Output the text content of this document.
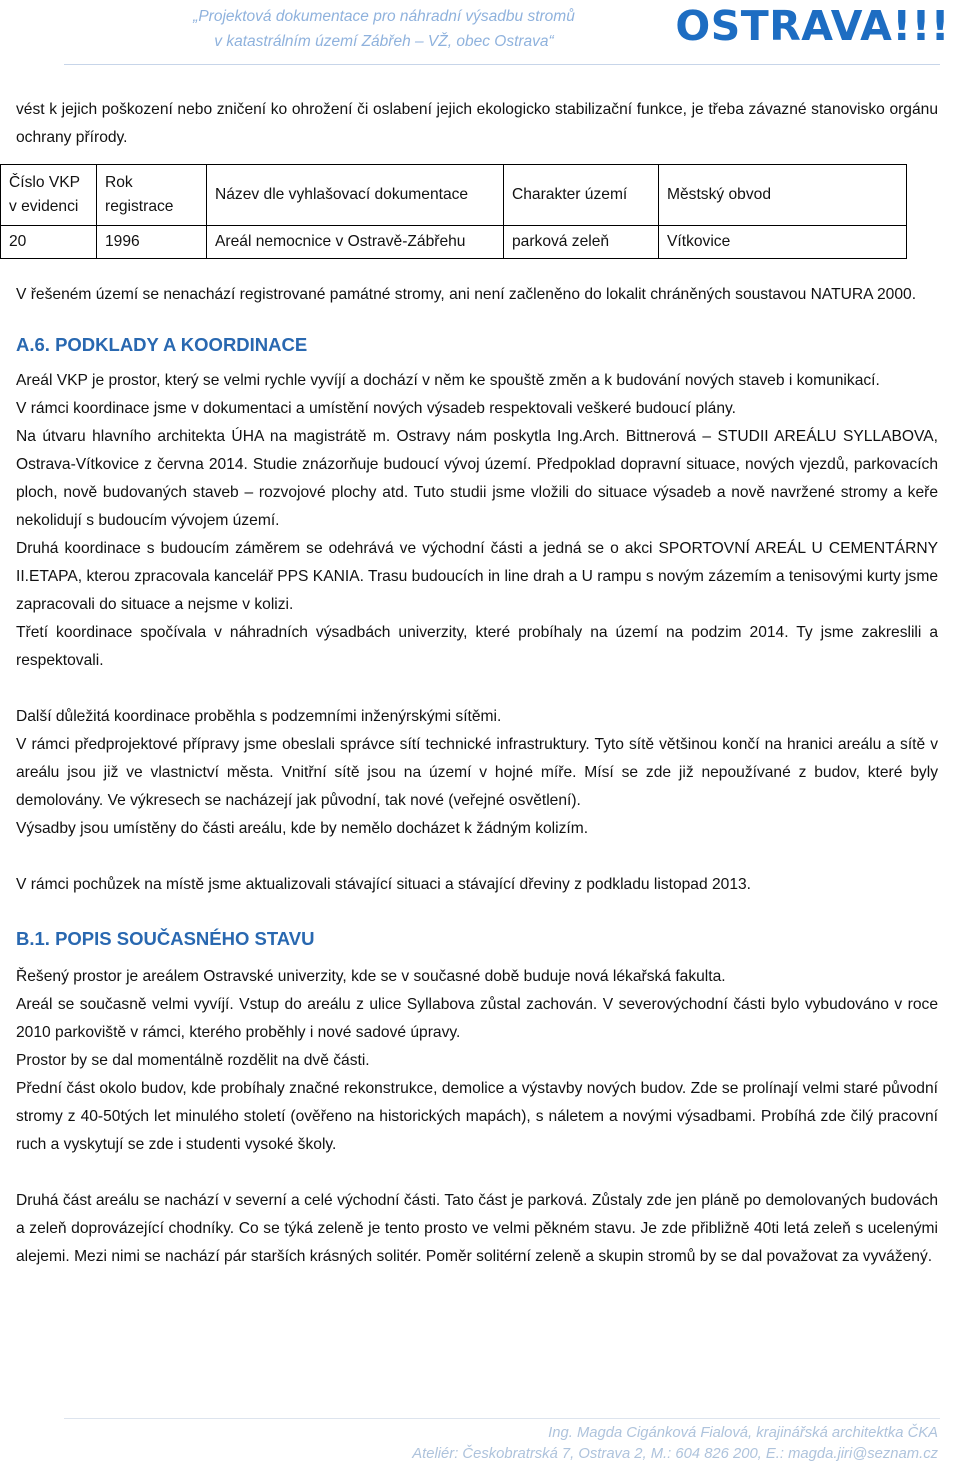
„Projektová dokumentace pro náhradní výsadbu stromů
v katastrálním území Zábřeh – VŽ, obec Ostrava“	OSTRAVA!!!

vést k jejich poškození nebo zničení ko ohrožení či oslabení jejich ekologicko stabilizační funkce, je třeba závazné stanovisko orgánu ochrany přírody.

Číslo VKP v evidenci	Rok registrace	Název dle vyhlašovací dokumentace	Charakter území	Městský obvod
20	1996	Areál nemocnice v Ostravě-Zábřehu	parková zeleň	Vítkovice

V řešeném území se nenachází registrované památné stromy, ani není začleněno do lokalit chráněných soustavou NATURA 2000.

A.6. PODKLADY A KOORDINACE

Areál VKP je prostor, který se velmi rychle vyvíjí a dochází v něm ke spouště změn a k budování nových staveb i komunikací.

V rámci koordinace jsme v dokumentaci a umístění nových výsadeb respektovali veškeré budoucí plány.

Na útvaru hlavního architekta ÚHA na magistrátě m. Ostravy nám poskytla Ing.Arch. Bittnerová – STUDII AREÁLU SYLLABOVA, Ostrava-Vítkovice z června 2014. Studie znázorňuje budoucí vývoj území. Předpoklad dopravní situace, nových vjezdů, parkovacích ploch, nově budovaných staveb – rozvojové plochy atd. Tuto studii jsme vložili do situace výsadeb a nově navržené stromy a keře nekolidují s budoucím vývojem území.

Druhá koordinace s budoucím záměrem se odehrává ve východní části a jedná se o akci SPORTOVNÍ AREÁL U CEMENTÁRNY II.ETAPA, kterou zpracovala kancelář PPS KANIA. Trasu budoucích in line drah a U rampu s novým zázemím a tenisovými kurty jsme zapracovali do situace a nejsme v kolizi.

Třetí koordinace spočívala v náhradních výsadbách univerzity, které probíhaly na území na podzim 2014. Ty jsme zakreslili a respektovali.

Další důležitá koordinace proběhla s podzemními inženýrskými sítěmi.

V rámci předprojektové přípravy jsme obeslali správce sítí technické infrastruktury. Tyto sítě většinou končí na hranici areálu a sítě v areálu jsou již ve vlastnictví města. Vnitřní sítě jsou na území v hojné míře. Mísí se zde již nepoužívané z budov, které byly demolovány. Ve výkresech se nacházejí jak původní, tak nové (veřejné osvětlení).

Výsadby jsou umístěny do části areálu, kde by nemělo docházet k žádným kolizím.

V rámci pochůzek na místě jsme aktualizovali stávající situaci a stávající dřeviny z podkladu listopad 2013.

B.1. POPIS SOUČASNÉHO STAVU

Řešený prostor je areálem Ostravské univerzity, kde se v současné době buduje nová lékařská fakulta.

Areál se současně velmi vyvíjí. Vstup do areálu z ulice Syllabova zůstal zachován. V severovýchodní části bylo vybudováno v roce 2010 parkoviště v rámci, kterého proběhly i nové sadové úpravy.

Prostor by se dal momentálně rozdělit na dvě části.

Přední část okolo budov, kde probíhaly značné rekonstrukce, demolice a výstavby nových budov. Zde se prolínají velmi staré původní stromy z 40-50tých let minulého století (ověřeno na historických mapách), s náletem a novými výsadbami. Probíhá zde čilý pracovní ruch a vyskytují se zde i studenti vysoké školy.

Druhá část areálu se nachází v severní a celé východní části. Tato část je parková. Zůstaly zde jen pláně po demolovaných budovách a zeleň doprovázející chodníky. Co se týká zeleně je tento prosto ve velmi pěkném stavu. Je zde přibližně 40ti letá zeleň s ucelenými alejemi. Mezi nimi se nachází pár starších krásných solitér. Poměr solitérní zeleně a skupin stromů by se dal považovat za vyvážený.

Ing. Magda Cigánková Fialová, krajinářská architektka ČKA
Ateliér: Českobratrská 7, Ostrava 2, M.: 604 826 200, E.: magda.jiri@seznam.cz
